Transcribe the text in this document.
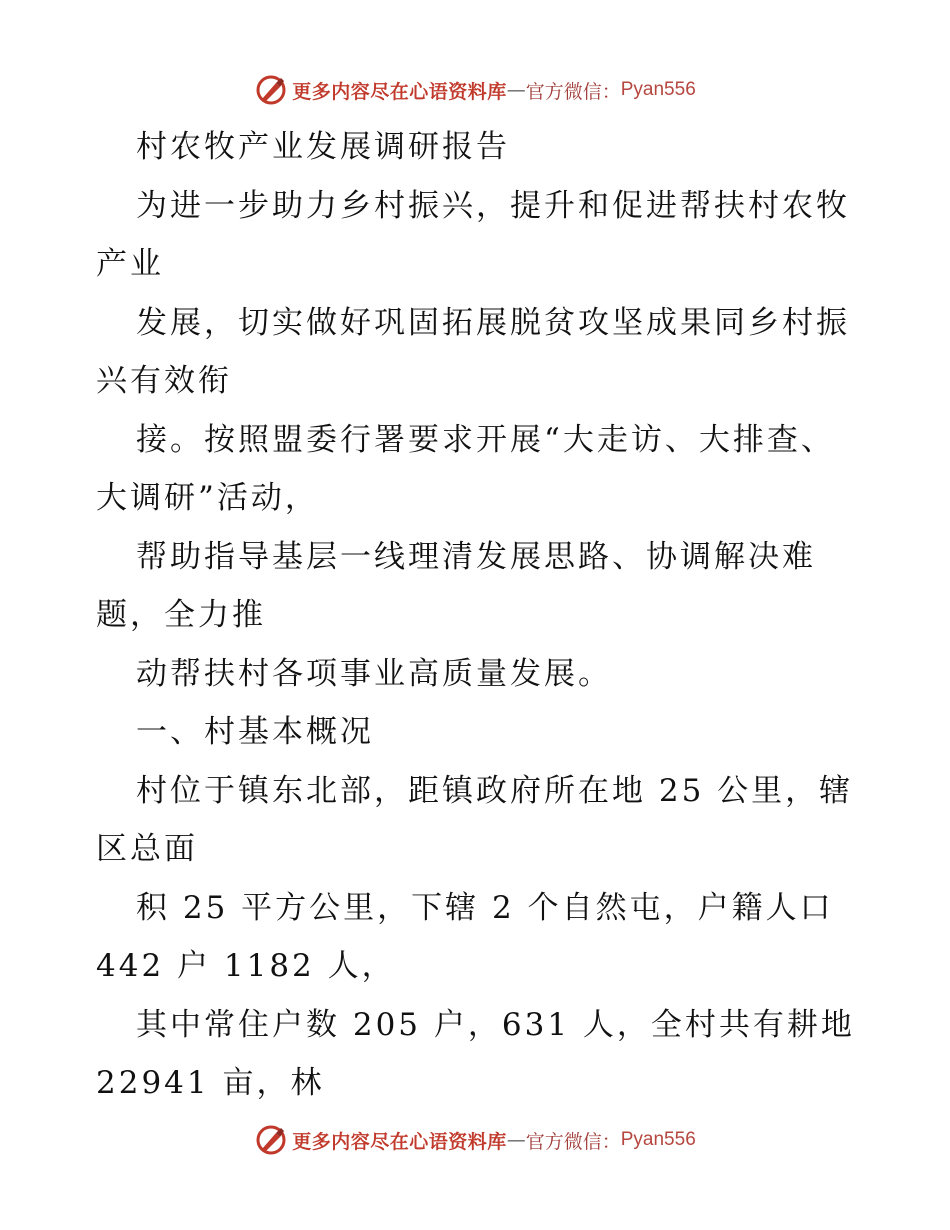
更多内容尽在心语资料库 — 官方微信： Pyan556
村农牧产业发展调研报告
为进一步助力乡村振兴，提升和促进帮扶村农牧
产业
发展，切实做好巩固拓展脱贫攻坚成果同乡村振
兴有效衔
接。按照盟委行署要求开展“大走访、大排查、
大调研”活动，
帮助指导基层一线理清发展思路、协调解决难
题，全力推
动帮扶村各项事业高质量发展。
一、村基本概况
村位于镇东北部，距镇政府所在地 25 公里，辖
区总面
积 25 平方公里，下辖 2 个自然屯，户籍人口
442 户 1182 人，
其中常住户数 205 户，631 人，全村共有耕地
22941 亩，林
更多内容尽在心语资料库 — 官方微信： Pyan556
